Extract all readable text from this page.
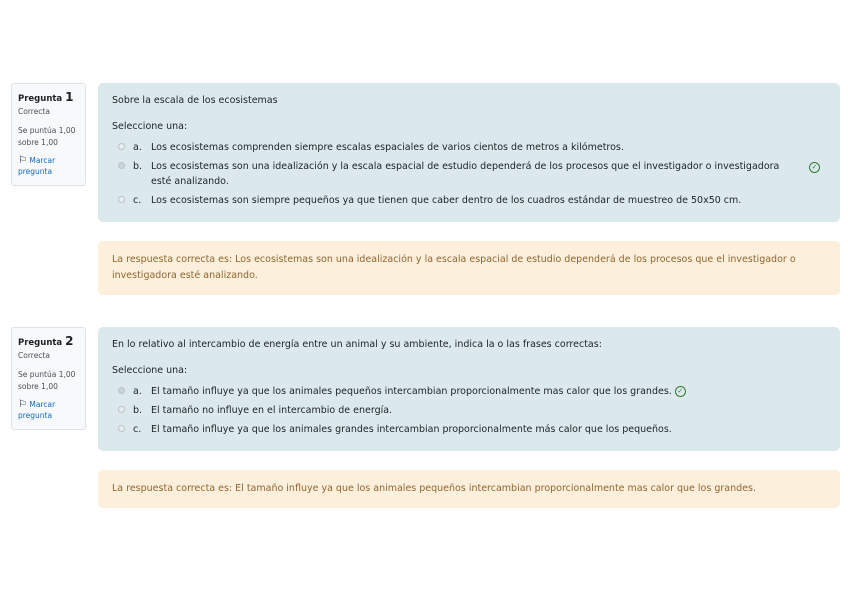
Pregunta 1
Correcta
Se puntúa 1,00 sobre 1,00
⚐ Marcar pregunta
Sobre la escala de los ecosistemas
Seleccione una:
a. Los ecosistemas comprenden siempre escalas espaciales de varios cientos de metros a kilómetros.
b. Los ecosistemas son una idealización y la escala espacial de estudio dependerá de los procesos que el investigador o investigadora esté analizando.
✓
c.	Los ecosistemas son siempre pequeños ya que tienen que caber dentro de los cuadros estándar de muestreo de 50x50 cm.
La respuesta correcta es: Los ecosistemas son una idealización y la escala espacial de estudio dependerá de los procesos que el investigador o investigadora esté analizando.
Pregunta 2
Correcta
Se puntúa 1,00 sobre 1,00
⚐ Marcar pregunta
En lo relativo al intercambio de energía entre un animal y su ambiente, indica la o las frases correctas:
Seleccione una:
a. El tamaño influye ya que los animales pequeños intercambian proporcionalmente mas calor que los grandes. ✓
b. El tamaño no influye en el intercambio de energía.
c.	El tamaño influye ya que los animales grandes intercambian proporcionalmente más calor que los pequeños.
La respuesta correcta es: El tamaño influye ya que los animales pequeños intercambian proporcionalmente mas calor que los grandes.
